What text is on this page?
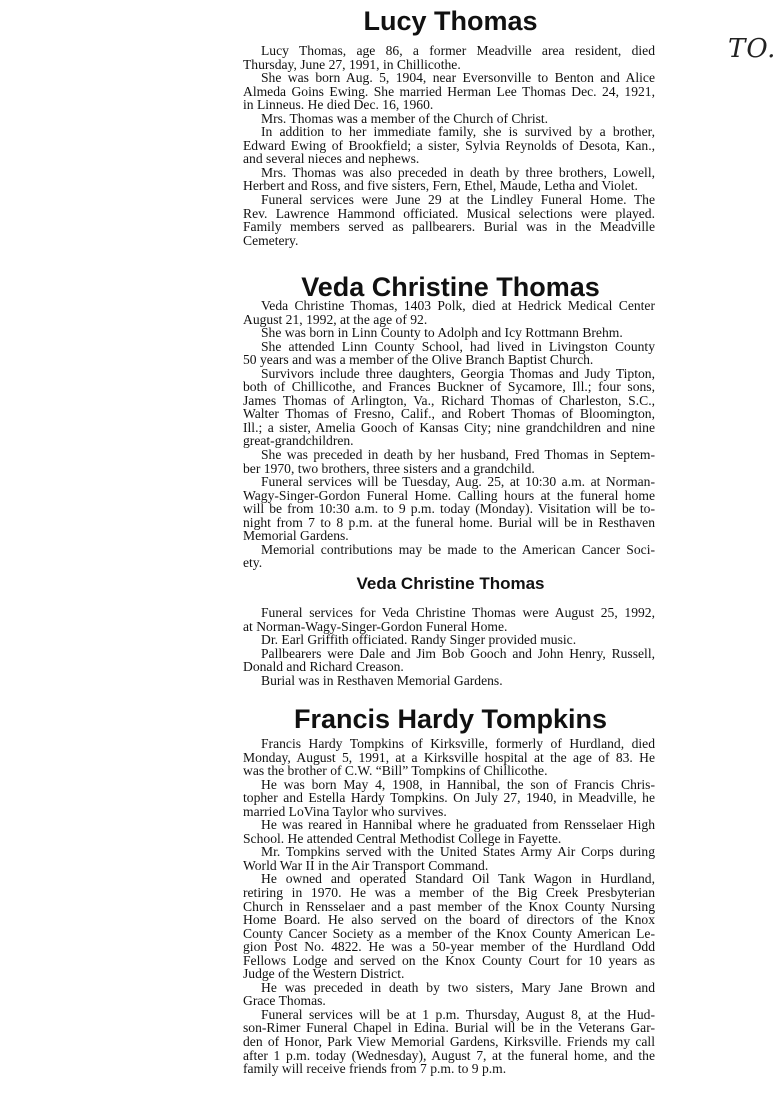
TO.
Lucy Thomas
Lucy Thomas, age 86, a former Meadville area resident, died
Thursday, June 27, 1991, in Chillicothe.
She was born Aug. 5, 1904, near Eversonville to Benton and Alice
Almeda Goins Ewing. She married Herman Lee Thomas Dec. 24, 1921,
in Linneus. He died Dec. 16, 1960.
Mrs. Thomas was a member of the Church of Christ.
In addition to her immediate family, she is survived by a brother,
Edward Ewing of Brookfield; a sister, Sylvia Reynolds of Desota, Kan.,
and several nieces and nephews.
Mrs. Thomas was also preceded in death by three brothers, Lowell,
Herbert and Ross, and five sisters, Fern, Ethel, Maude, Letha and Violet.
Funeral services were June 29 at the Lindley Funeral Home. The
Rev. Lawrence Hammond officiated. Musical selections were played.
Family members served as pallbearers. Burial was in the Meadville
Cemetery.
Veda Christine Thomas
Veda Christine Thomas, 1403 Polk, died at Hedrick Medical Center
August 21, 1992, at the age of 92.
She was born in Linn County to Adolph and Icy Rottmann Brehm.
She attended Linn County School, had lived in Livingston County
50 years and was a member of the Olive Branch Baptist Church.
Survivors include three daughters, Georgia Thomas and Judy Tipton,
both of Chillicothe, and Frances Buckner of Sycamore, Ill.; four sons,
James Thomas of Arlington, Va., Richard Thomas of Charleston, S.C.,
Walter Thomas of Fresno, Calif., and Robert Thomas of Bloomington,
Ill.; a sister, Amelia Gooch of Kansas City; nine grandchildren and nine
great-grandchildren.
She was preceded in death by her husband, Fred Thomas in Septem-
ber 1970, two brothers, three sisters and a grandchild.
Funeral services will be Tuesday, Aug. 25, at 10:30 a.m. at Norman-
Wagy-Singer-Gordon Funeral Home. Calling hours at the funeral home
will be from 10:30 a.m. to 9 p.m. today (Monday). Visitation will be to-
night from 7 to 8 p.m. at the funeral home. Burial will be in Resthaven
Memorial Gardens.
Memorial contributions may be made to the American Cancer Soci-
ety.
Veda Christine Thomas
Funeral services for Veda Christine Thomas were August 25, 1992,
at Norman-Wagy-Singer-Gordon Funeral Home.
Dr. Earl Griffith officiated. Randy Singer provided music.
Pallbearers were Dale and Jim Bob Gooch and John Henry, Russell,
Donald and Richard Creason.
Burial was in Resthaven Memorial Gardens.
Francis Hardy Tompkins
Francis Hardy Tompkins of Kirksville, formerly of Hurdland, died
Monday, August 5, 1991, at a Kirksville hospital at the age of 83. He
was the brother of C.W. “Bill” Tompkins of Chillicothe.
He was born May 4, 1908, in Hannibal, the son of Francis Chris-
topher and Estella Hardy Tompkins. On July 27, 1940, in Meadville, he
married LoVina Taylor who survives.
He was reared in Hannibal where he graduated from Rensselaer High
School. He attended Central Methodist College in Fayette.
Mr. Tompkins served with the United States Army Air Corps during
World War II in the Air Transport Command.
He owned and operated Standard Oil Tank Wagon in Hurdland,
retiring in 1970. He was a member of the Big Creek Presbyterian
Church in Rensselaer and a past member of the Knox County Nursing
Home Board. He also served on the board of directors of the Knox
County Cancer Society as a member of the Knox County American Le-
gion Post No. 4822. He was a 50-year member of the Hurdland Odd
Fellows Lodge and served on the Knox County Court for 10 years as
Judge of the Western District.
He was preceded in death by two sisters, Mary Jane Brown and
Grace Thomas.
Funeral services will be at 1 p.m. Thursday, August 8, at the Hud-
son-Rimer Funeral Chapel in Edina. Burial will be in the Veterans Gar-
den of Honor, Park View Memorial Gardens, Kirksville. Friends my call
after 1 p.m. today (Wednesday), August 7, at the funeral home, and the
family will receive friends from 7 p.m. to 9 p.m.
